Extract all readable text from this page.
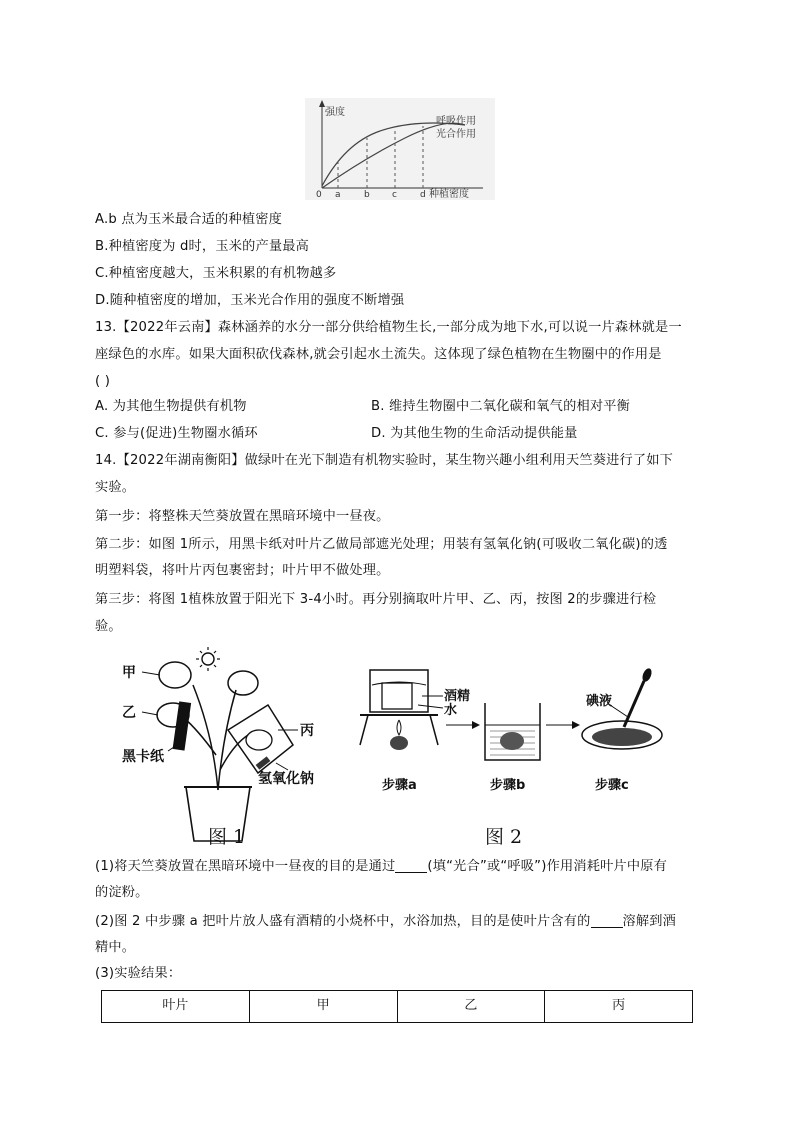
强度
呼吸作用
光合作用
0 a	b c	d 种植密度
A.b 点为玉米最合适的种植密度
B.种植密度为 d时，玉米的产量最高
C.种植密度越大，玉米积累的有机物越多
D.随种植密度的增加，玉米光合作用的强度不断增强
13.【2022年云南】森林涵养的水分一部分供给植物生长,一部分成为地下水,可以说一片森林就是一
座绿色的水库。如果大面积砍伐森林,就会引起水土流失。这体现了绿色植物在生物圈中的作用是
( )
A. 为其他生物提供有机物	B. 维持生物圈中二氧化碳和氧气的相对平衡
C. 参与(促进)生物圈水循环	D. 为其他生物的生命活动提供能量
14.【2022年湖南衡阳】做绿叶在光下制造有机物实验时，某生物兴趣小组利用天竺葵进行了如下
实验。
第一步：将整株天竺葵放置在黑暗环境中一昼夜。
第二步：如图 1所示，用黑卡纸对叶片乙做局部遮光处理；用装有氢氧化钠(可吸收二氧化碳)的透
明塑料袋，将叶片丙包裹密封；叶片甲不做处理。
第三步：将图 1植株放置于阳光下 3-4小时。再分别摘取叶片甲、乙、丙，按图 2的步骤进行检
验。
甲
乙
丙
黑卡纸
氢氧化钠
图 1
酒精
水
碘液
步骤a	步骤b	步骤c
图 2
(1)将天竺葵放置在黑暗环境中一昼夜的目的是通过 (填“光合”或“呼吸”)作用消耗叶片中原有
的淀粉。
(2)图 2 中步骤 a 把叶片放人盛有酒精的小烧杯中，水浴加热，目的是使叶片含有的 溶解到酒
精中。
(3)实验结果：
叶片	甲	乙	丙
